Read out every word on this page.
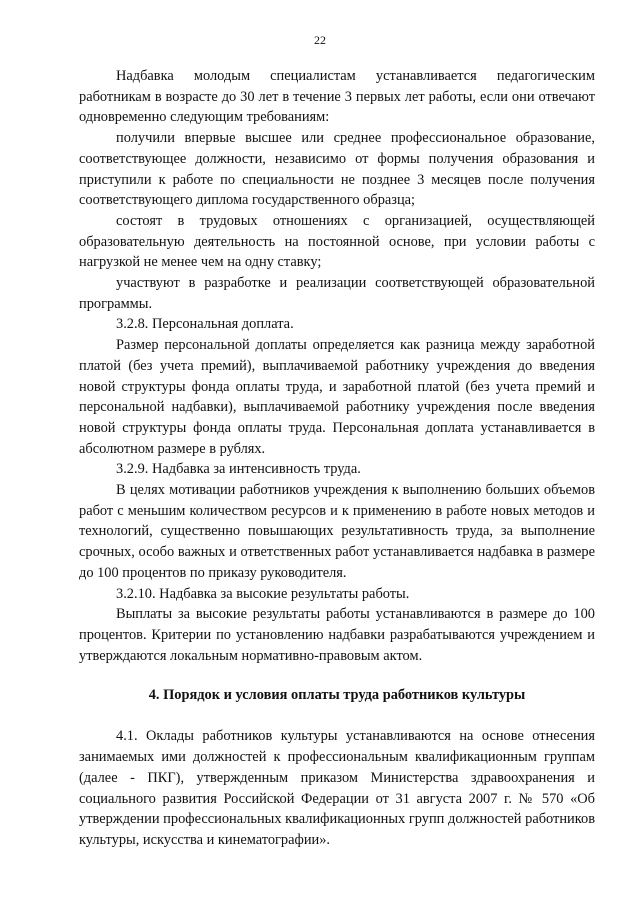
22

Надбавка молодым специалистам устанавливается педагогическим работникам в возрасте до 30 лет в течение 3 первых лет работы, если они отвечают одновременно следующим требованиям:

получили впервые высшее или среднее профессиональное образование, соответствующее должности, независимо от формы получения образования и приступили к работе по специальности не позднее 3 месяцев после получения соответствующего диплома государственного образца;

состоят в трудовых отношениях с организацией, осуществляющей образовательную деятельность на постоянной основе, при условии работы с нагрузкой не менее чем на одну ставку;

участвуют в разработке и реализации соответствующей образовательной программы.

3.2.8. Персональная доплата.

Размер персональной доплаты определяется как разница между заработной платой (без учета премий), выплачиваемой работнику учреждения до введения новой структуры фонда оплаты труда, и заработной платой (без учета премий и персональной надбавки), выплачиваемой работнику учреждения после введения новой структуры фонда оплаты труда. Персональная доплата устанавливается в абсолютном размере в рублях.

3.2.9. Надбавка за интенсивность труда.

В целях мотивации работников учреждения к выполнению больших объемов работ с меньшим количеством ресурсов и к применению в работе новых методов и технологий, существенно повышающих результативность труда, за выполнение срочных, особо важных и ответственных работ устанавливается надбавка в размере до 100 процентов по приказу руководителя.

3.2.10. Надбавка за высокие результаты работы.

Выплаты за высокие результаты работы устанавливаются в размере до 100 процентов. Критерии по установлению надбавки разрабатываются учреждением и утверждаются локальным нормативно-правовым актом.

4. Порядок и условия оплаты труда работников культуры

4.1. Оклады работников культуры устанавливаются на основе отнесения занимаемых ими должностей к профессиональным квалификационным группам (далее - ПКГ), утвержденным приказом Министерства здравоохранения и социального развития Российской Федерации от 31 августа 2007 г. № 570 «Об утверждении профессиональных квалификационных групп должностей работников культуры, искусства и кинематографии».
